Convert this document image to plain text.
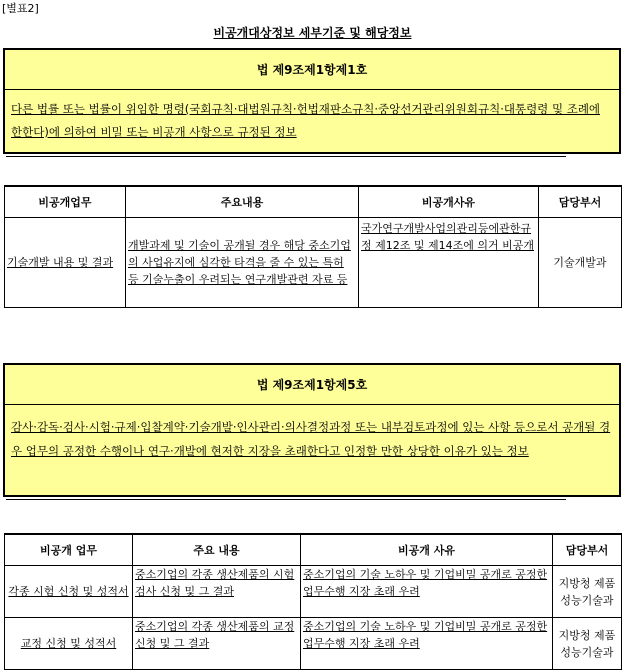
[별표2]
비공개대상정보 세부기준 및 해당정보
법 제9조제1항제1호
다른 법률 또는 법률이 위임한 명령(국회규칙·대법원규칙·헌법재판소규칙·중앙선거관리위원회규칙·대통령령 및 조례에 한한다)에 의하여 비밀 또는 비공개 사항으로 규정된 정보
비공개업무	주요내용	비공개사유	담당부서

기술개발 내용 및 결과	개발과제 및 기술이 공개될 경우 해당 중소기업의 사업유지에 심각한 타격을 줄 수 있는 특허 등 기술누출이 우려되는 연구개발관련 자료 등	국가연구개발사업의관리등에관한규정 제12조 및 제14조에 의거 비공개	기술개발과
법 제9조제1항제5호
감사·감독·검사·시험·규제·입찰계약·기술개발·인사관리·의사결정과정 또는 내부검토과정에 있는 사항 등으로서 공개될 경우 업무의 공정한 수행이나 연구·개발에 현저한 지장을 초래한다고 인정할 만한 상당한 이유가 있는 정보
비공개 업무	주요 내용	비공개 사유	담당부서

각종 시험 신청 및 성적서	중소기업의 각종 생산제품의 시험검사 신청 및 그 결과	중소기업의 기술 노하우 및 기업비밀 공개로 공정한 업무수행 지장 초래 우려	지방청 제품성능기술과

교정 신청 및 성적서	중소기업의 각종 생산제품의 교정신청 및 그 결과	중소기업의 기술 노하우 및 기업비밀 공개로 공정한 업무수행 지장 초래 우려	지방청 제품성능기술과
